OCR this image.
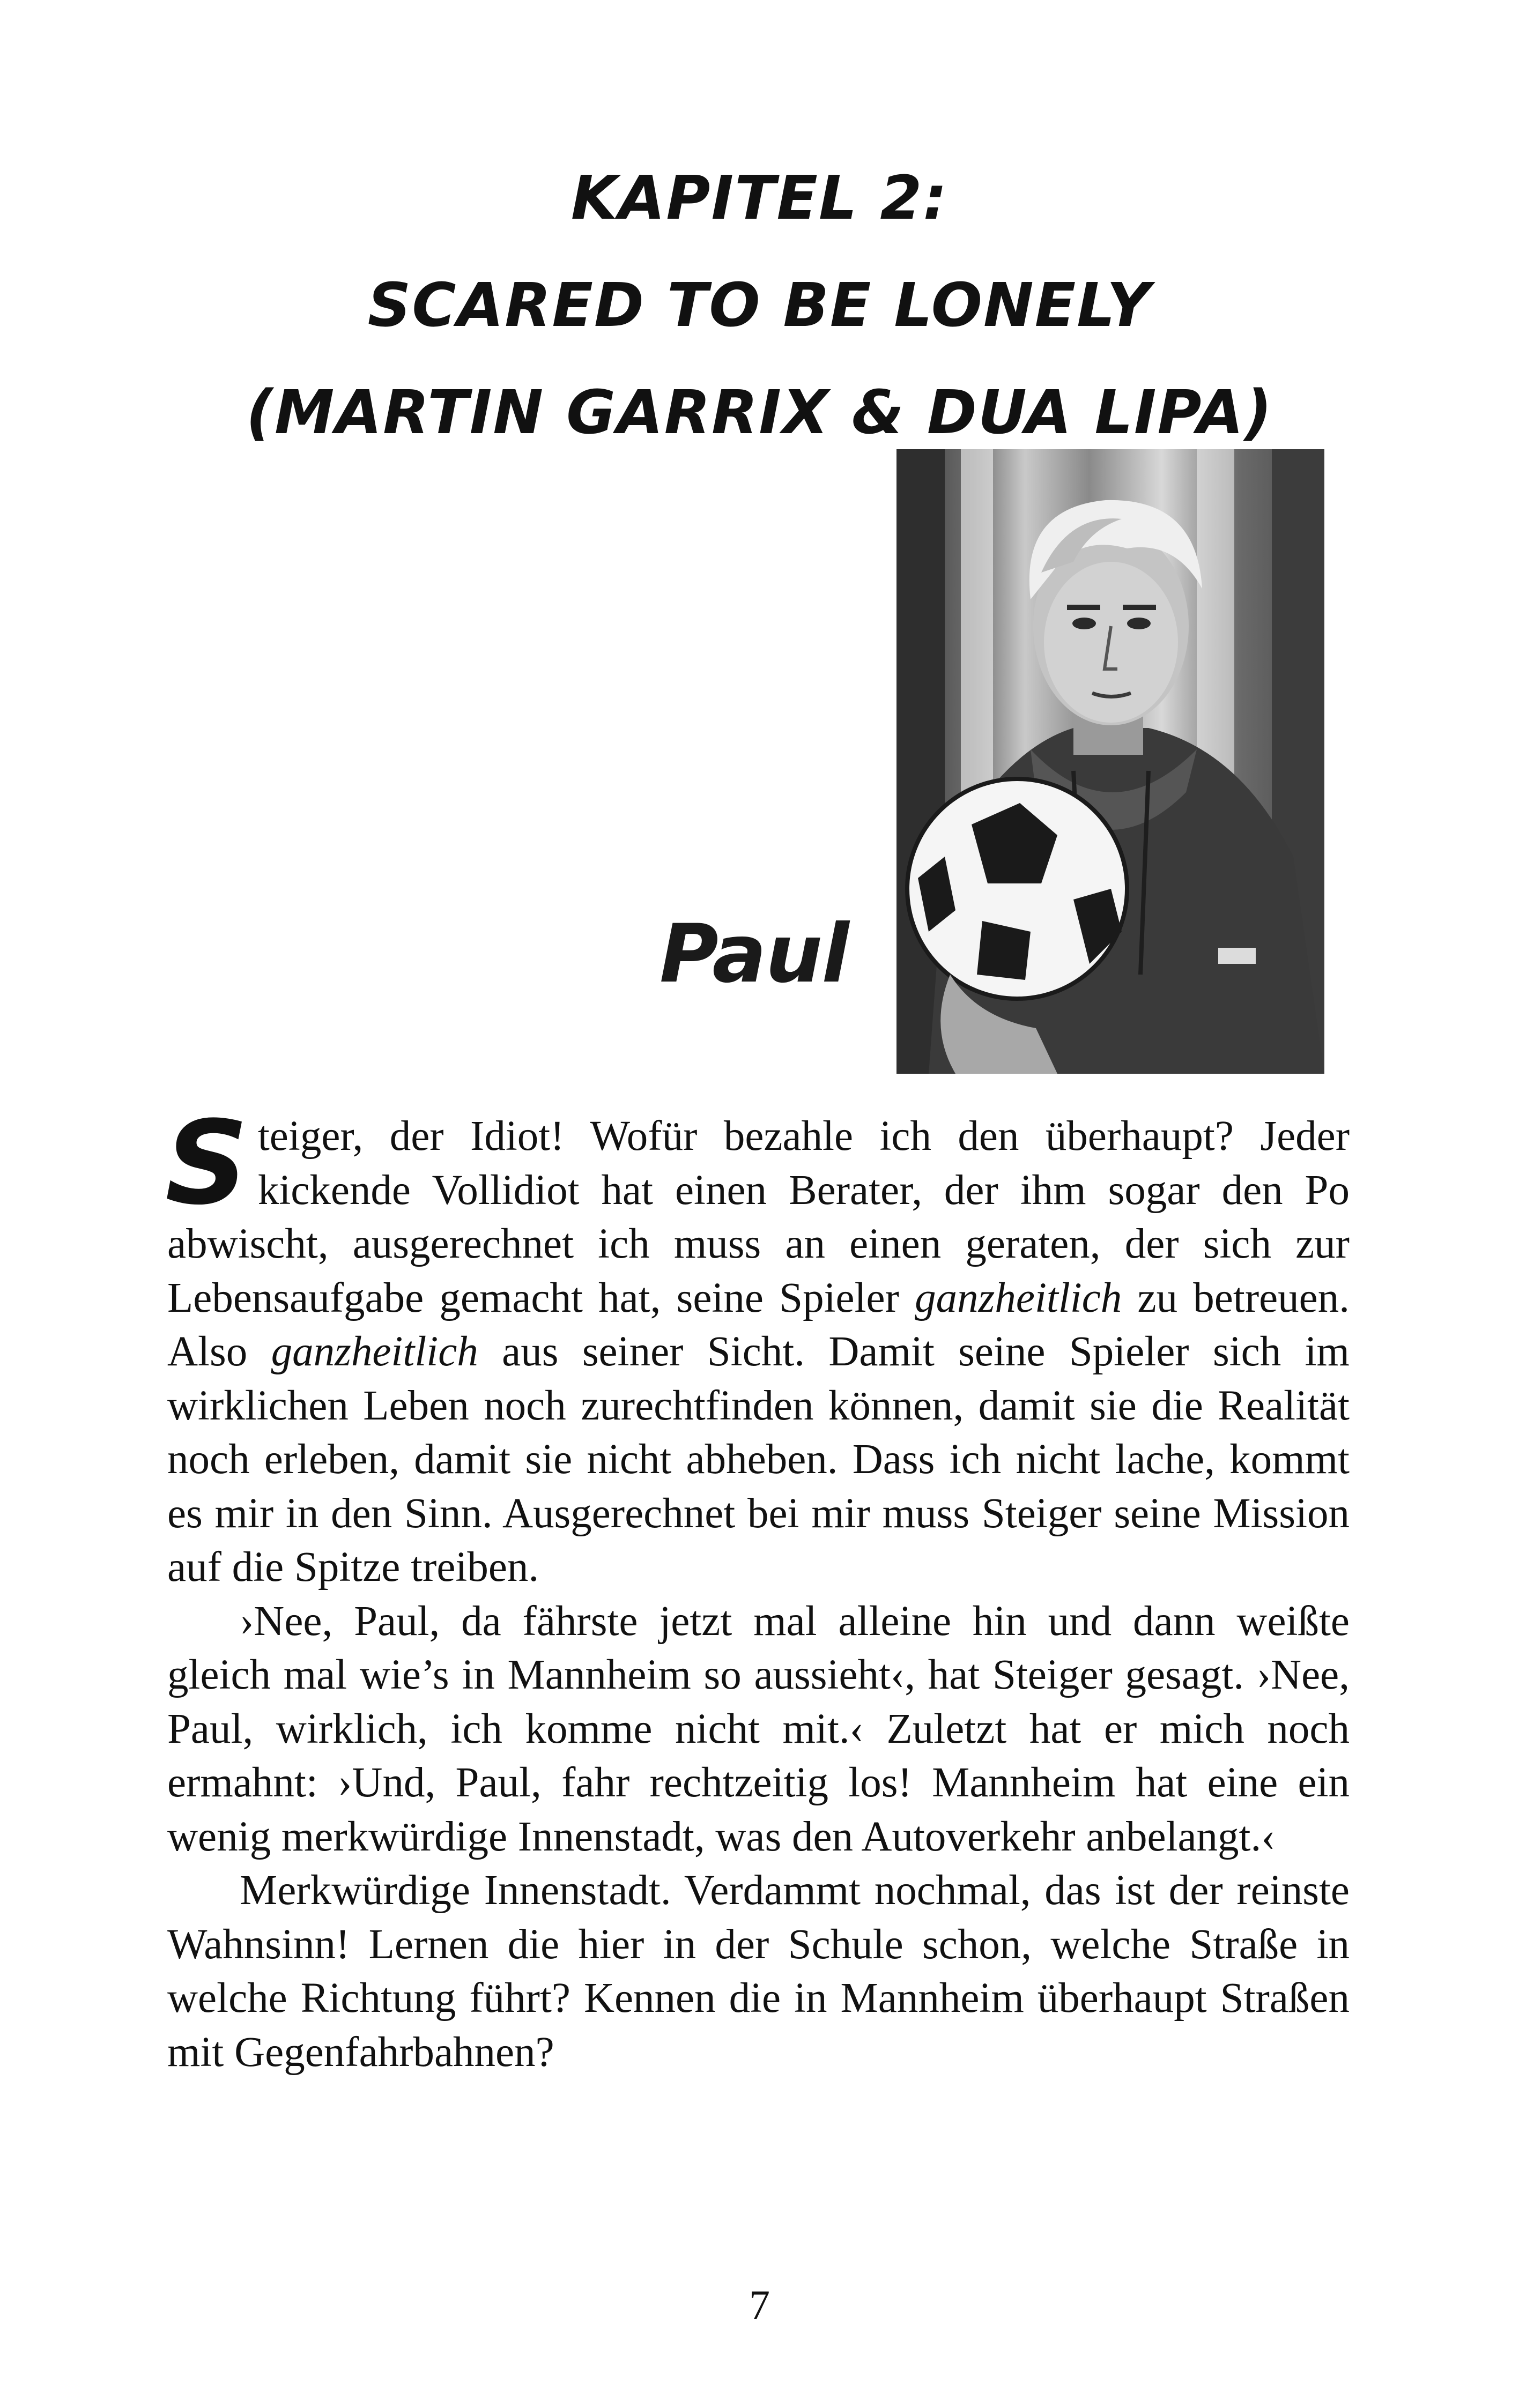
KAPITEL 2:
SCARED TO BE LONELY
(MARTIN GARRIX & DUA LIPA)
Paul

Steiger, der Idiot! Wofür bezahle ich den überhaupt? Jeder kickende Vollidiot hat einen Berater, der ihm sogar den Po abwischt, ausgerechnet ich muss an einen geraten, der sich zur Lebensaufgabe gemacht hat, seine Spieler ganzheitlich zu betreuen. Also ganzheitlich aus seiner Sicht. Damit seine Spieler sich im wirklichen Leben noch zurechtfinden können, damit sie die Realität noch erleben, damit sie nicht abheben. Dass ich nicht lache, kommt es mir in den Sinn. Ausgerechnet bei mir muss Steiger seine Mission auf die Spitze treiben.

›Nee, Paul, da fährste jetzt mal alleine hin und dann weißte gleich mal wie’s in Mannheim so aussieht‹, hat Steiger gesagt. ›Nee, Paul, wirklich, ich komme nicht mit.‹ Zuletzt hat er mich noch ermahnt: ›Und, Paul, fahr rechtzeitig los! Mannheim hat eine ein wenig merkwürdige Innenstadt, was den Autoverkehr anbelangt.‹

Merkwürdige Innenstadt. Verdammt nochmal, das ist der reinste Wahnsinn! Lernen die hier in der Schule schon, welche Straße in welche Richtung führt? Kennen die in Mannheim überhaupt Straßen mit Gegenfahrbahnen?

7
